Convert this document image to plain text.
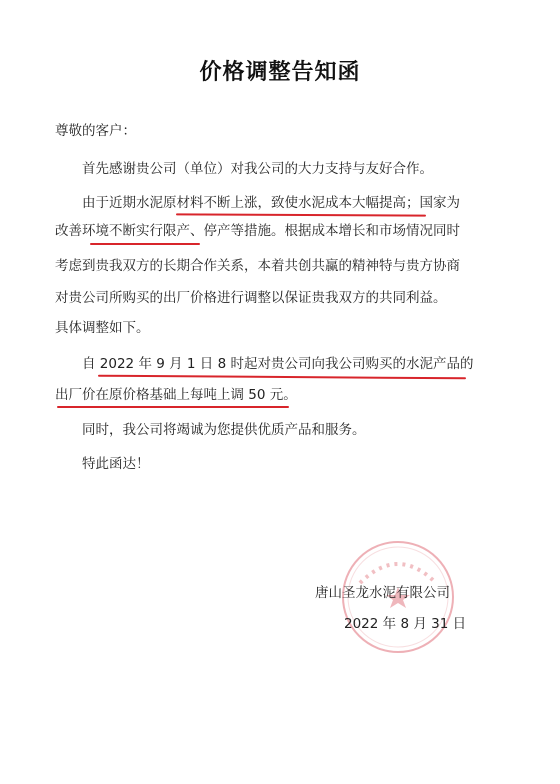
价格调整告知函
尊敬的客户：
首先感谢贵公司（单位）对我公司的大力支持与友好合作。
由于近期水泥原材料不断上涨，致使水泥成本大幅提高；国家为
改善环境不断实行限产、停产等措施。根据成本增长和市场情况同时
考虑到贵我双方的长期合作关系，本着共创共赢的精神特与贵方协商
对贵公司所购买的出厂价格进行调整以保证贵我双方的共同利益。
具体调整如下。
自 2022 年 9 月 1 日 8 时起对贵公司向我公司购买的水泥产品的
出厂价在原价格基础上每吨上调 50 元。
同时，我公司将竭诚为您提供优质产品和服务。
特此函达！
唐山圣龙水泥有限公司
2022 年 8 月 31 日
